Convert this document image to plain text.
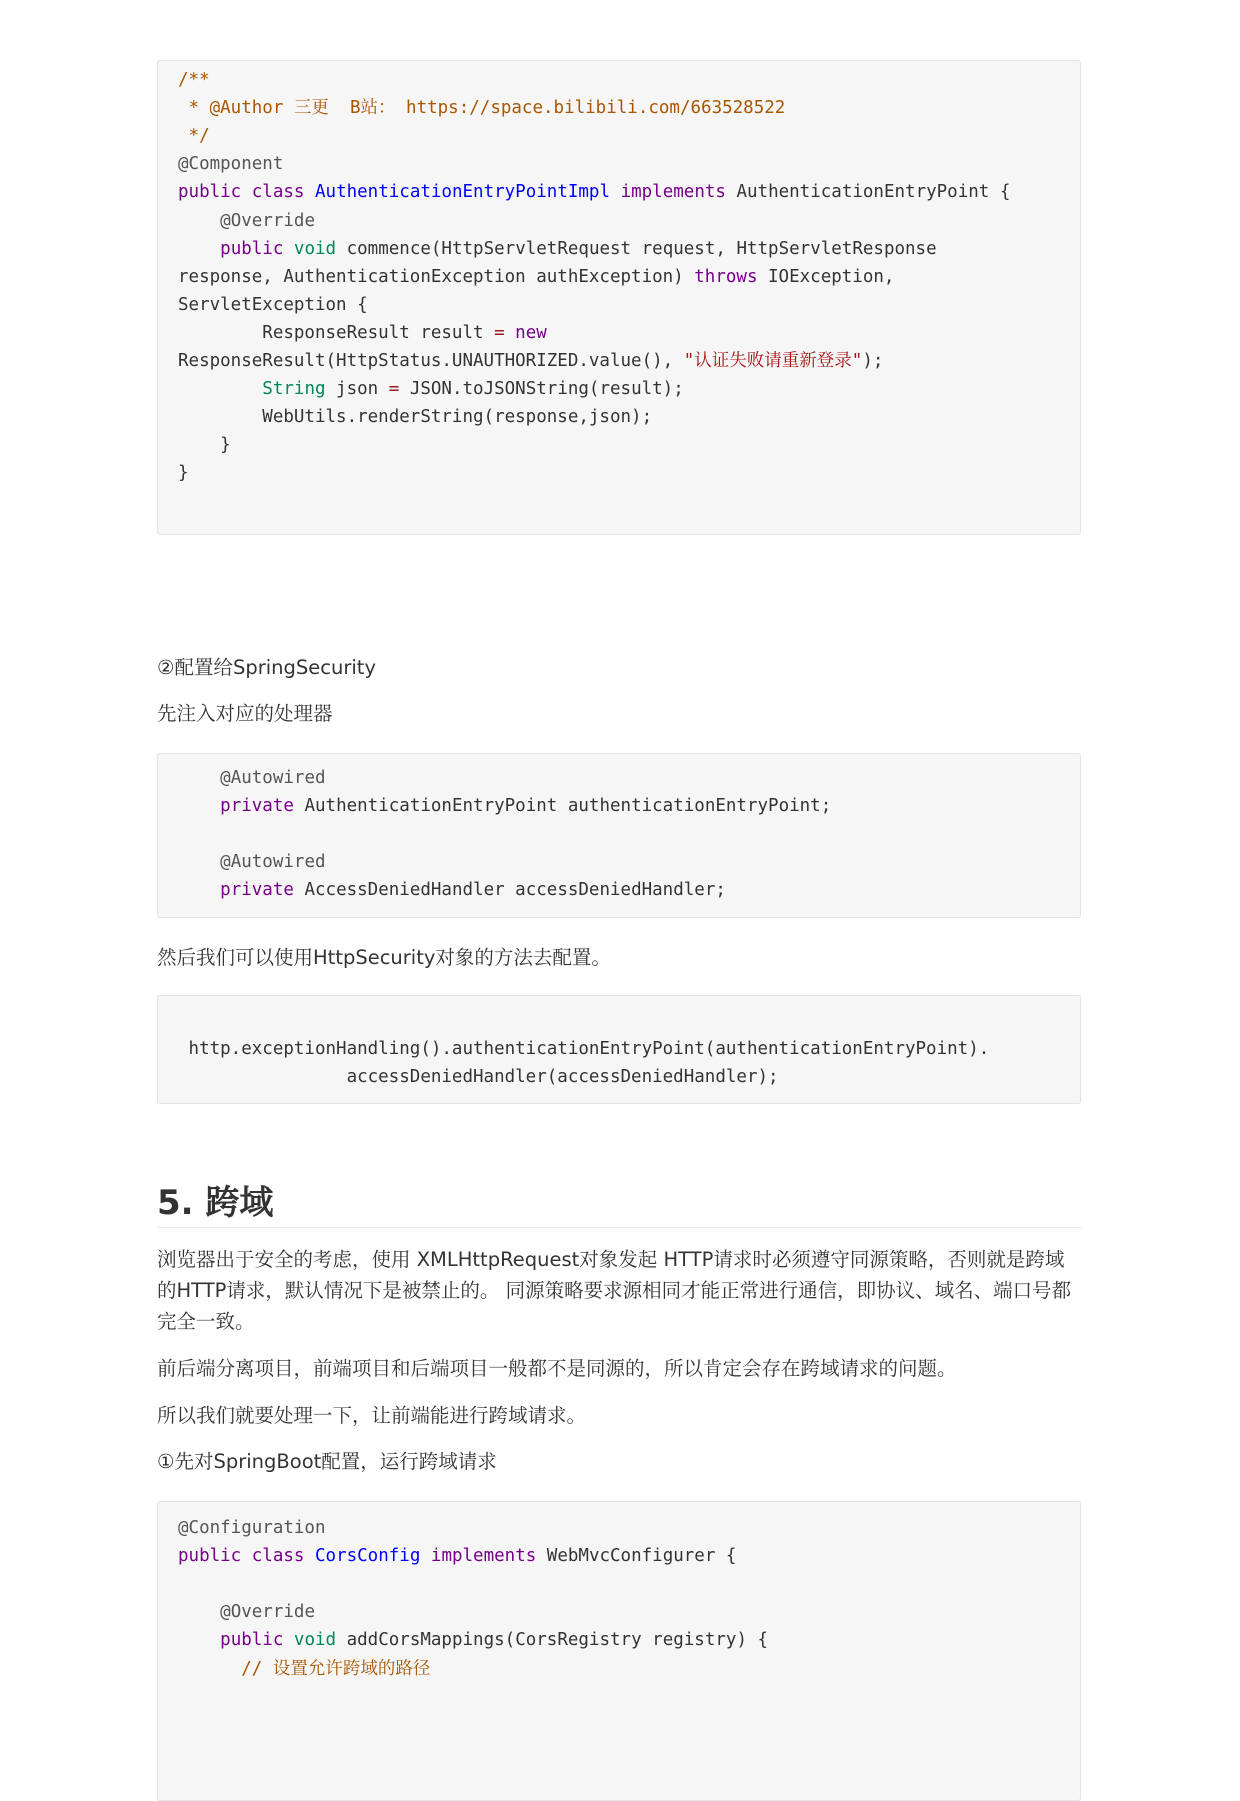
/**
* @Author 三更  B站： https://space.bilibili.com/663528522
*/
@Component
public class AuthenticationEntryPointImpl implements AuthenticationEntryPoint {
@Override
public void commence(HttpServletRequest request, HttpServletResponse
response, AuthenticationException authException) throws IOException,
ServletException {
ResponseResult result = new
ResponseResult(HttpStatus.UNAUTHORIZED.value(), "认证失败请重新登录");
String json = JSON.toJSONString(result);
WebUtils.renderString(response,json);
}
}

②配置给SpringSecurity

先注入对应的处理器

@Autowired
private AuthenticationEntryPoint authenticationEntryPoint;
@Autowired
private AccessDeniedHandler accessDeniedHandler;

然后我们可以使用HttpSecurity对象的方法去配置。

http.exceptionHandling().authenticationEntryPoint(authenticationEntryPoint).
accessDeniedHandler(accessDeniedHandler);
5. 跨域

浏览器出于安全的考虑，使用 XMLHttpRequest对象发起 HTTP请求时必须遵守同源策略，否则就是跨域的HTTP请求，默认情况下是被禁止的。 同源策略要求源相同才能正常进行通信，即协议、域名、端口号都完全一致。

前后端分离项目，前端项目和后端项目一般都不是同源的，所以肯定会存在跨域请求的问题。

所以我们就要处理一下，让前端能进行跨域请求。

①先对SpringBoot配置，运行跨域请求

@Configuration
public class CorsConfig implements WebMvcConfigurer {
@Override
public void addCorsMappings(CorsRegistry registry) {
// 设置允许跨域的路径
